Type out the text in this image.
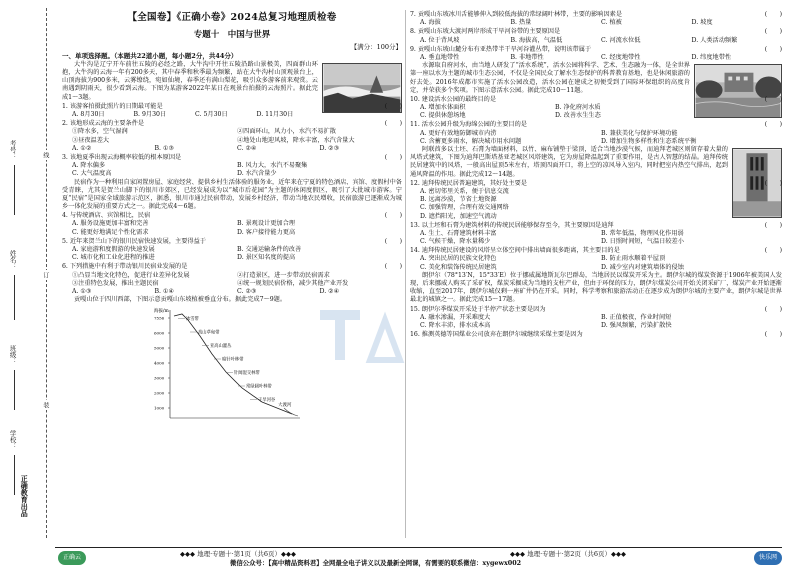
线
订
装
考号：
姓名：
班级：
学校：
正确教育出品
【全国卷】《正确小卷》2024总复习地理质检卷
专题十　中国与世界
【满分：100分】
一、单项选择题。（本题共22道小题，每小题2分，共44分）

大牛沟是辽宁开车前往五陵的必经之路，大牛沟中开往五陵沿路山景极美，四面群山环抱，大牛沟的云海一年有200多天，其中春季和秋季最为频繁，站在大牛沟村山顶观景台上，山顶海拔为900多米，云雾缭绕，宛如仙境，春季还有满山梨花，吸引众多游客前来观赏。云南遇到阴雨天，很少看到云海。下图为某游客2022年某日在观景台拍摄的云海照片。据此完成1～3题。

1. 该游客拍摄此照片的日期最可能是	(　　)
A. 8月30日	B. 9月30日	C. 5月30日	D. 11月30日
2. 该地形成云海的主要条件是	(　　)
①降水多，空气湿润	②四面环山，风力小，水汽不易扩散
③昼夜温差大	④地处山地迎风坡，降水丰富，水汽含量大
A. ①②	B. ①③	C. ②④	D. ②③
3. 该地夏季出现云海概率较低的根本原因是	(　　)
A. 降水偏多	B. 风力大，水汽不易聚集
C. 大气温度高	D. 水汽含量少

民宿作为一种利用自家闲置房屋、家庭经营、提供乡村生活体验的服务业，近年来在宁夏的特色酒店、宾馆、度假村中备受青睐，尤其是贺兰山脚下的银川市郊区，已经发展成为以“城市后花园”为主题的休闲度假区，吸引了大批城市游客。宁夏“民宿”是国家全域旅游示范区，据悉，银川市通过民宿带动，发展乡村经济，带动当地农民增收，民宿旅游已逐渐成为城乡一体化发展的重要方式之一。据此完成4～6题。

4. 与传统酒店、宾馆相比，民宿	(　　)
A. 服务设施更加丰富和完善	B. 景观设计更加合理
C. 能更好地满足个性化需求	D. 客户接待能力更高
5. 近年来贺兰山下的银川民宿快速发展，主要得益于	(　　)
A. 家庭游和度假游的快速发展	B. 交通运输条件的改善
C. 城市化和工业化进程的推进	D. 景区知名度的提高
6. 下列措施中有利于带动银川民宿业发展的是	(　　)
①凸显当地文化特色，促进行业差异化发展	②打造景区，进一步带动民宿需求
③注重特色发展，推出主题民宿	④统一规划民宿价格，减少其他产业开发
A. ①③	B. ①④	C. ②③	D. ②④

贡嘎山位于四川西部，下图示意贡嘎山东坡植被垂直分布。据此完成7～9题。

海拔/m
7556
6000
5000
4000
3000
2000
1000
冰雪带
高山草甸带
亚高山灌丛
暗针叶林带
针阔混交林带
常绿阔叶林带
干旱河谷
大渡河
7. 贡嘎山东坡冰川舌能够伸入到较低海拔的常绿阔叶林带，主要的影响因素是	(　　)
A. 海拔	B. 热量	C. 植被	D. 坡度
8. 贡嘎山东坡大渡河两岸形成干旱河谷带的主要原因是	(　　)
A. 位于背风坡	B. 海拔高，气温低	C. 河流水位低	D. 人类活动频繁
9. 贡嘎山东坡山麓分布有亚热带半干旱河谷灌丛带，说明该带属于	(　　)
A. 垂直地带性	B. 非地带性	C. 经度地带性	D. 纬度地带性

水源取自府河水，由当地人研发了“活水系统”，活水公园将科学、艺术、生态融为一体，是全世界第一座以水为主题的城市生态公园，不仅是全国民众了解水生态保护的科普教育基地，也是休闲旅游的好去处。2016年成都市实施了活水公园改造，活水公园在建成之初便受到了国际环保组织的高度肯定，并荣获多个奖项。下图示意活水公园。据此完成10～11题。

10. 建设活水公园的最终目的是	(　　)
A. 增加水体面积	B. 净化府河水质
C. 提供休憩场地	D. 改善水生生态
11. 活水公园升级为海绵公园的主要目的是	(　　)
A. 更好有效地防御城市内涝	B. 兼获美化与保护环境功能
C. 含蓄更多雨水，解决城市用水问题	D. 增加生物多样性和生态系统平衡

阿联酋多以土坯、石膏为墙面材料，以竹、麻布铺垫于梁顶，适合当地沙漠气候，而迪拜老城区则留存着大量的风塔式建筑，下图为迪拜巴斯塔基亚老城区风塔建筑，它为房屋降温起到了重要作用，是古人智慧的结晶。迪拜传统民居建筑中的风塔，一般高出屋顶5米左右，塔顶四面开口，将上空的凉风导入室内，同时把室内热空气排出，起到通风降温的作用。据此完成12～14题。

12. 迪拜传统民居普遍建筑，其好处主要是	(　　)
A. 密切邻里关系，便于信息交流
B. 远离沙漠，节省土地资源
C. 加强管理，合理有效交通网络
D. 遮挡阳光，加速空气流动
13. 以土坯和石膏为建筑材料的传统民居能够保存至今，其主要原因是迪拜	(　　)
A. 生土、石膏建筑材料丰富	B. 常年低温，物理风化作用弱
C. 气候干燥，降水量稀少	D. 日照时间短，气温日较差小
14. 迪拜传统民居建设的风塔呈立体空间中排出墙面很多距离，其主要目的是	(　　)
A. 突出民居的民族文化特色	B. 防止雨水顺着平屋顶
C. 美化和装饰传统民居建筑	D. 减少室内对建筑墙体的侵蚀

朗伊尔（78°13′N，15°33′E）位于挪威属地斯瓦尔巴群岛，当地居民以煤炭开采为主。朗伊尔城的煤炭资源于1906年被美国人发现，后来挪威人购买了采矿权，煤炭采掘成为当地的支柱产业，但由于环保的压力，朗伊尔煤炭公司开始关闭采矿厂，煤炭产业开始逐渐收缩，直至2017年，朗伊尔城仅剩一座矿井仍在开采。同时，科学考察和旅游活动正在逐步成为朗伊尔城的主要产业，朗伊尔城是世界最北的城镇之一。据此完成15～17题。

15. 朗伊尔季煤炭开采处于半停产状态主要是因为	(　　)
A. 融水渗漏，开采难度大	B. 正值极夜，作业时间短
C. 降水丰沛，排水成本高	D. 强风频繁，污染扩散快
16. 推测英德等国煤业公司放弃在朗伊尔城继续采煤主要是因为	(　　)
正确云	◆◆◆ 地理·专题十·第1页（共6页）◆◆◆	◆◆◆ 地理·专题十·第2页（共6页）◆◆◆
微信公众号：【高中精品资料君】全网最全电子讲义以及最新全网课，有需要的联系微信：xygewx002
快乐网
